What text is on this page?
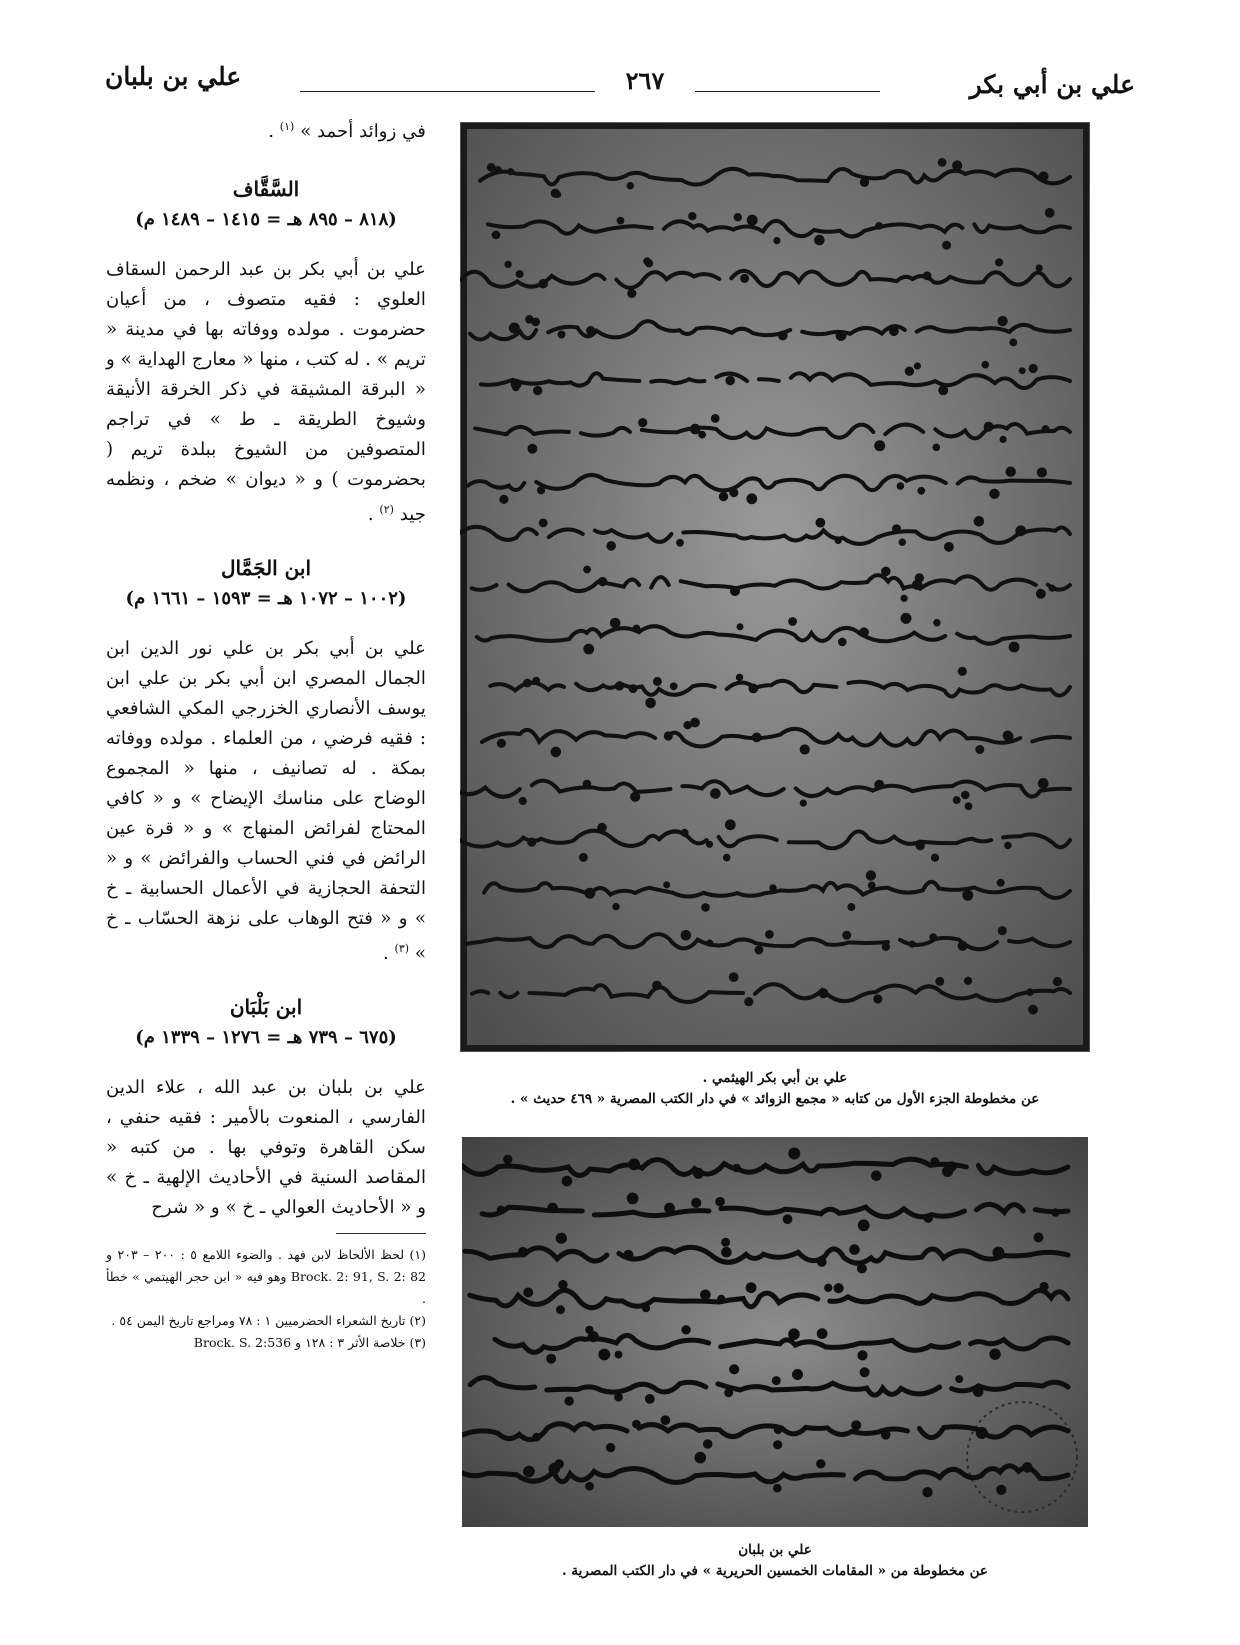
علي بن بلبان	٢٦٧	علي بن أبي بكر

في زوائد أحمد » $^{(١)}$ .

السَّقَّاف

(٨١٨ – ٨٩٥ هـ = ١٤١٥ – ١٤٨٩ م)

علي بن أبي بكر بن عبد الرحمن السقاف العلوي : فقيه متصوف ، من أعيان حضرموت . مولده ووفاته بها في مدينة « تريم » . له كتب ، منها « معارج الهداية » و « البرقة المشيقة في ذكر الخرقة الأنيقة وشيوخ الطريقة ـ ط » في تراجم المتصوفين من الشيوخ ببلدة تريم ( بحضرموت ) و « ديوان » ضخم ، ونظمه جيد $^{(٢)}$ .

ابن الجَمَّال

(١٠٠٢ – ١٠٧٢ هـ = ١٥٩٣ – ١٦٦١ م)

علي بن أبي بكر بن علي نور الدين ابن الجمال المصري ابن أبي بكر بن علي ابن يوسف الأنصاري الخزرجي المكي الشافعي : فقيه فرضي ، من العلماء . مولده ووفاته بمكة . له تصانيف ، منها « المجموع الوضاح على مناسك الإيضاح » و « كافي المحتاج لفرائض المنهاج » و « قرة عين الرائض في فني الحساب والفرائض » و « التحفة الحجازية في الأعمال الحسابية ـ خ » و « فتح الوهاب على نزهة الحسّاب ـ خ » $^{(٣)}$ .

ابن بَلْبَان

(٦٧٥ – ٧٣٩ هـ = ١٢٧٦ – ١٣٣٩ م)

علي بن بلبان بن عبد الله ، علاء الدين الفارسي ، المنعوت بالأمير : فقيه حنفي ، سكن القاهرة وتوفي بها . من كتبه « المقاصد السنية في الأحاديث الإلهية ـ خ » و « الأحاديث العوالي ـ خ » و « شرح

(١) لحظ الألحاظ لابن فهد . والضوء اللامع ٥ : ٢٠٠ – ٢٠٣ و Brock. 2: 91, S. 2: 82 وهو فيه « ابن حجر الهيتمي » خطأ .

(٢) تاريخ الشعراء الحضرميين ١ : ٧٨ ومراجع تاريخ اليمن ٥٤ .

(٣) خلاصة الأثر ٣ : ١٢٨ و Brock. S. 2:536

علي بن أبي بكر الهيثمي .
عن مخطوطة الجزء الأول من كتابه « مجمع الزوائد » في دار الكتب المصرية « ٤٦٩ حديث » .
علي بن بلبان
عن مخطوطة من « المقامات الخمسين الحريرية » في دار الكتب المصرية .
